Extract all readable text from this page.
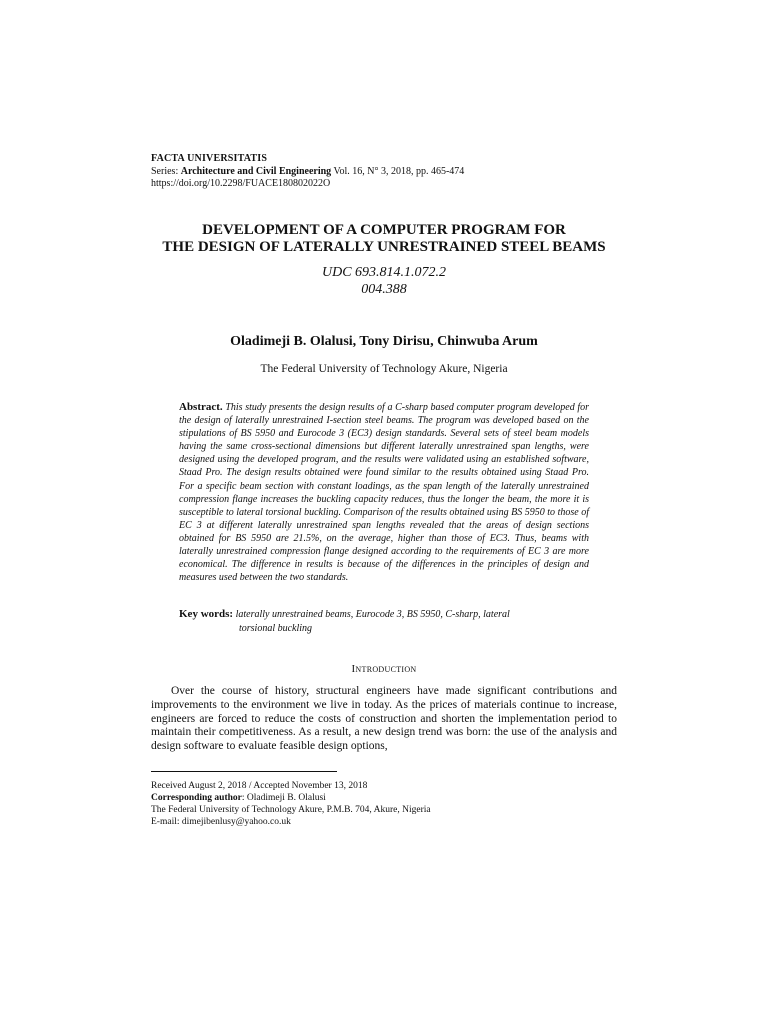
FACTA UNIVERSITATIS
Series: Architecture and Civil Engineering Vol. 16, N° 3, 2018, pp. 465-474
https://doi.org/10.2298/FUACE180802022O
DEVELOPMENT OF A COMPUTER PROGRAM FOR
THE DESIGN OF LATERALLY UNRESTRAINED STEEL BEAMS
UDC 693.814.1.072.2
004.388
Oladimeji B. Olalusi, Tony Dirisu, Chinwuba Arum
The Federal University of Technology Akure, Nigeria
Abstract. This study presents the design results of a C-sharp based computer program developed for the design of laterally unrestrained I-section steel beams. The program was developed based on the stipulations of BS 5950 and Eurocode 3 (EC3) design standards. Several sets of steel beam models having the same cross-sectional dimensions but different laterally unrestrained span lengths, were designed using the developed program, and the results were validated using an established software, Staad Pro. The design results obtained were found similar to the results obtained using Staad Pro. For a specific beam section with constant loadings, as the span length of the laterally unrestrained compression flange increases the buckling capacity reduces, thus the longer the beam, the more it is susceptible to lateral torsional buckling. Comparison of the results obtained using BS 5950 to those of EC 3 at different laterally unrestrained span lengths revealed that the areas of design sections obtained for BS 5950 are 21.5%, on the average, higher than those of EC3. Thus, beams with laterally unrestrained compression flange designed according to the requirements of EC 3 are more economical. The difference in results is because of the differences in the principles of design and measures used between the two standards.
Key words: laterally unrestrained beams, Eurocode 3, BS 5950, C-sharp, lateral
torsional buckling
Introduction
Over the course of history, structural engineers have made significant contributions and improvements to the environment we live in today. As the prices of materials continue to increase, engineers are forced to reduce the costs of construction and shorten the implementation period to maintain their competitiveness. As a result, a new design trend was born: the use of the analysis and design software to evaluate feasible design options,
Received August 2, 2018 / Accepted November 13, 2018
Corresponding author: Oladimeji B. Olalusi
The Federal University of Technology Akure, P.M.B. 704, Akure, Nigeria
E-mail: dimejibenlusy@yahoo.co.uk
